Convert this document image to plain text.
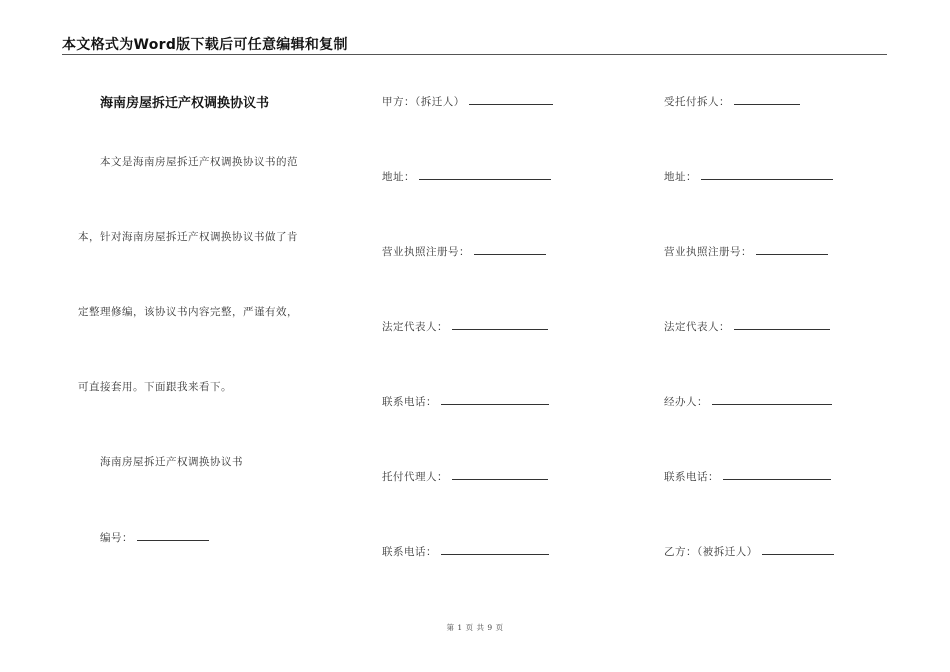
本文格式为Word版下载后可任意编辑和复制
海南房屋拆迁产权调换协议书
本文是海南房屋拆迁产权调换协议书的范
本，针对海南房屋拆迁产权调换协议书做了肯
定整理修编，该协议书内容完整，严谨有效，
可直接套用。下面跟我来看下。
海南房屋拆迁产权调换协议书
编号：
甲方：（拆迁人）
地址：
营业执照注册号：
法定代表人：
联系电话：
托付代理人：
联系电话：
受托付拆人：
地址：
营业执照注册号：
法定代表人：
经办人：
联系电话：
乙方：（被拆迁人）
第 1 页 共 9 页
